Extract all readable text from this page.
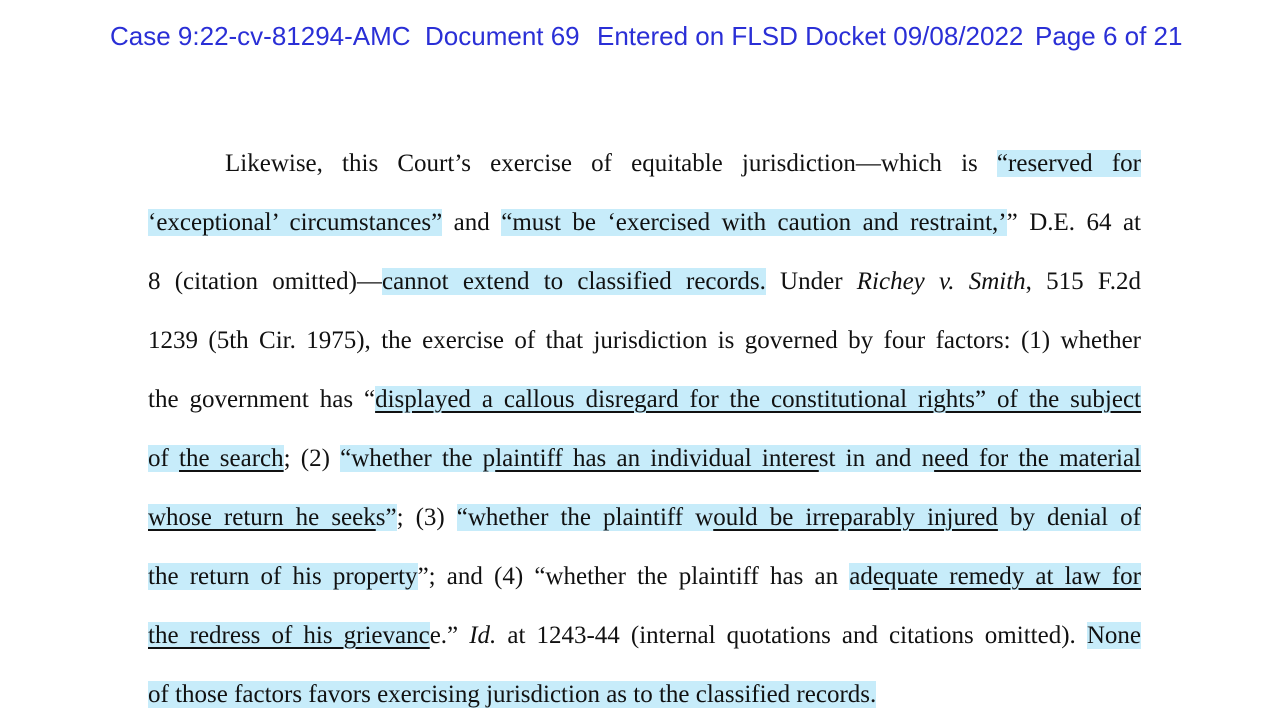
Case 9:22-cv-81294-AMC Document 69 Entered on FLSD Docket 09/08/2022 Page 6 of 21
Likewise, this Court’s exercise of equitable jurisdiction—which is “reserved for
‘exceptional’ circumstances” and “must be ‘exercised with caution and restraint,’” D.E. 64 at
8 (citation omitted)—cannot extend to classified records. Under Richey v. Smith, 515 F.2d
1239 (5th Cir. 1975), the exercise of that jurisdiction is governed by four factors: (1) whether
the government has “displayed a callous disregard for the constitutional rights” of the subject
of the search; (2) “whether the plaintiff has an individual interest in and need for the material
whose return he seeks”; (3) “whether the plaintiff would be irreparably injured by denial of
the return of his property”; and (4) “whether the plaintiff has an adequate remedy at law for
the redress of his grievance.” Id. at 1243-44 (internal quotations and citations omitted). None
of those factors favors exercising jurisdiction as to the classified records.
